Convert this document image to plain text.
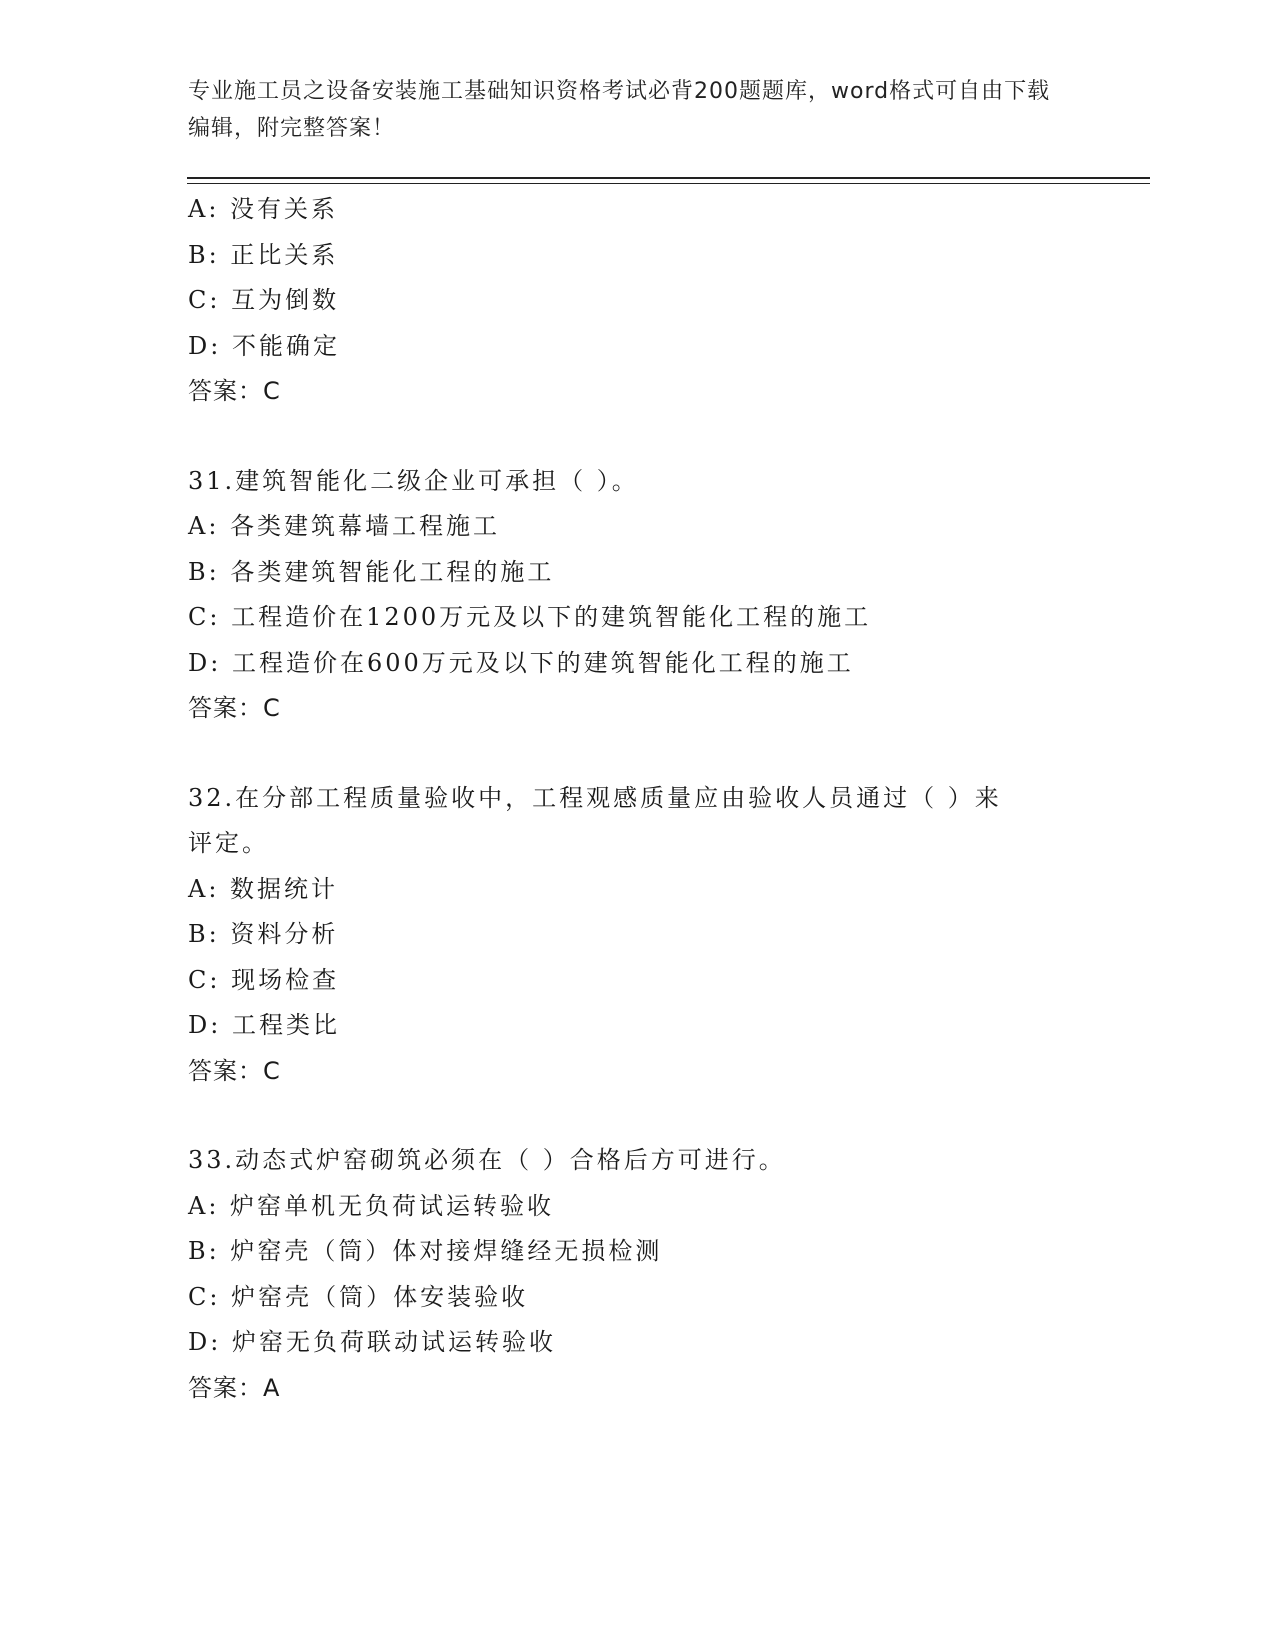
专业施工员之设备安装施工基础知识资格考试必背200题题库，word格式可自由下载编辑，附完整答案！
A: 没有关系
B: 正比关系
C: 互为倒数
D: 不能确定
答案：C
31.建筑智能化二级企业可承担（ ）。
A: 各类建筑幕墙工程施工
B: 各类建筑智能化工程的施工
C: 工程造价在1200万元及以下的建筑智能化工程的施工
D: 工程造价在600万元及以下的建筑智能化工程的施工
答案：C
32.在分部工程质量验收中，工程观感质量应由验收人员通过（ ）来
评定。
A: 数据统计
B: 资料分析
C: 现场检查
D: 工程类比
答案：C
33.动态式炉窑砌筑必须在（ ）合格后方可进行。
A: 炉窑单机无负荷试运转验收
B: 炉窑壳（筒）体对接焊缝经无损检测
C: 炉窑壳（筒）体安装验收
D: 炉窑无负荷联动试运转验收
答案：A
